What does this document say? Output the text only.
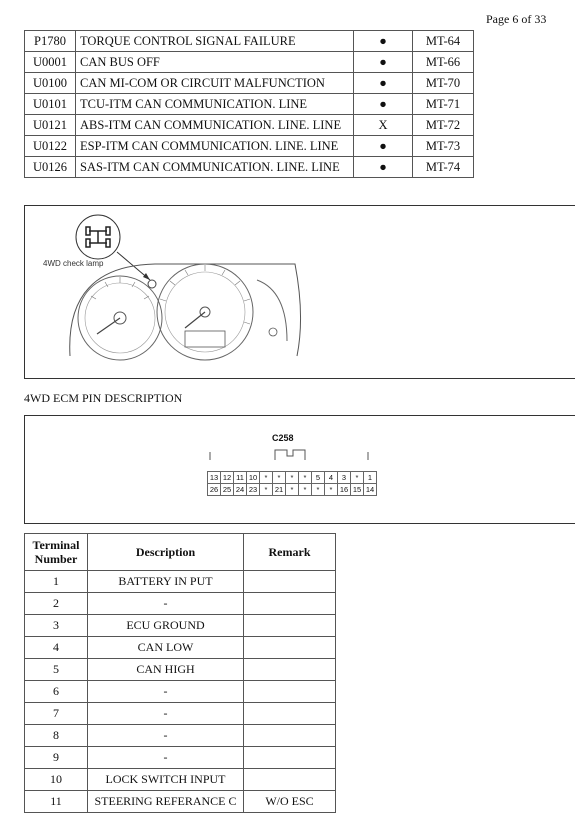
Page 6 of 33
P1780	TORQUE CONTROL SIGNAL FAILURE	●	MT-64
U0001	CAN BUS OFF	●	MT-66
U0100	CAN MI-COM OR CIRCUIT MALFUNCTION	●	MT-70
U0101	TCU-ITM CAN COMMUNICATION. LINE	●	MT-71
U0121	ABS-ITM CAN COMMUNICATION. LINE. LINE	X	MT-72
U0122	ESP-ITM CAN COMMUNICATION. LINE. LINE	●	MT-73
U0126	SAS-ITM CAN COMMUNICATION. LINE. LINE	●	MT-74
4WD check lamp
4WD ECM PIN DESCRIPTION
C258
13	12	11	10	*	*	*	*	5	4	3	*	1
26	25	24	23	*	21	*	*	*	*	16	15	14
Terminal
Number	Description	Remark
1	BATTERY IN PUT	
2	-	
3	ECU GROUND	
4	CAN LOW	
5	CAN HIGH	
6	-	
7	-	
8	-	
9	-	
10	LOCK SWITCH INPUT	
11	STEERING REFERANCE C	W/O ESC
